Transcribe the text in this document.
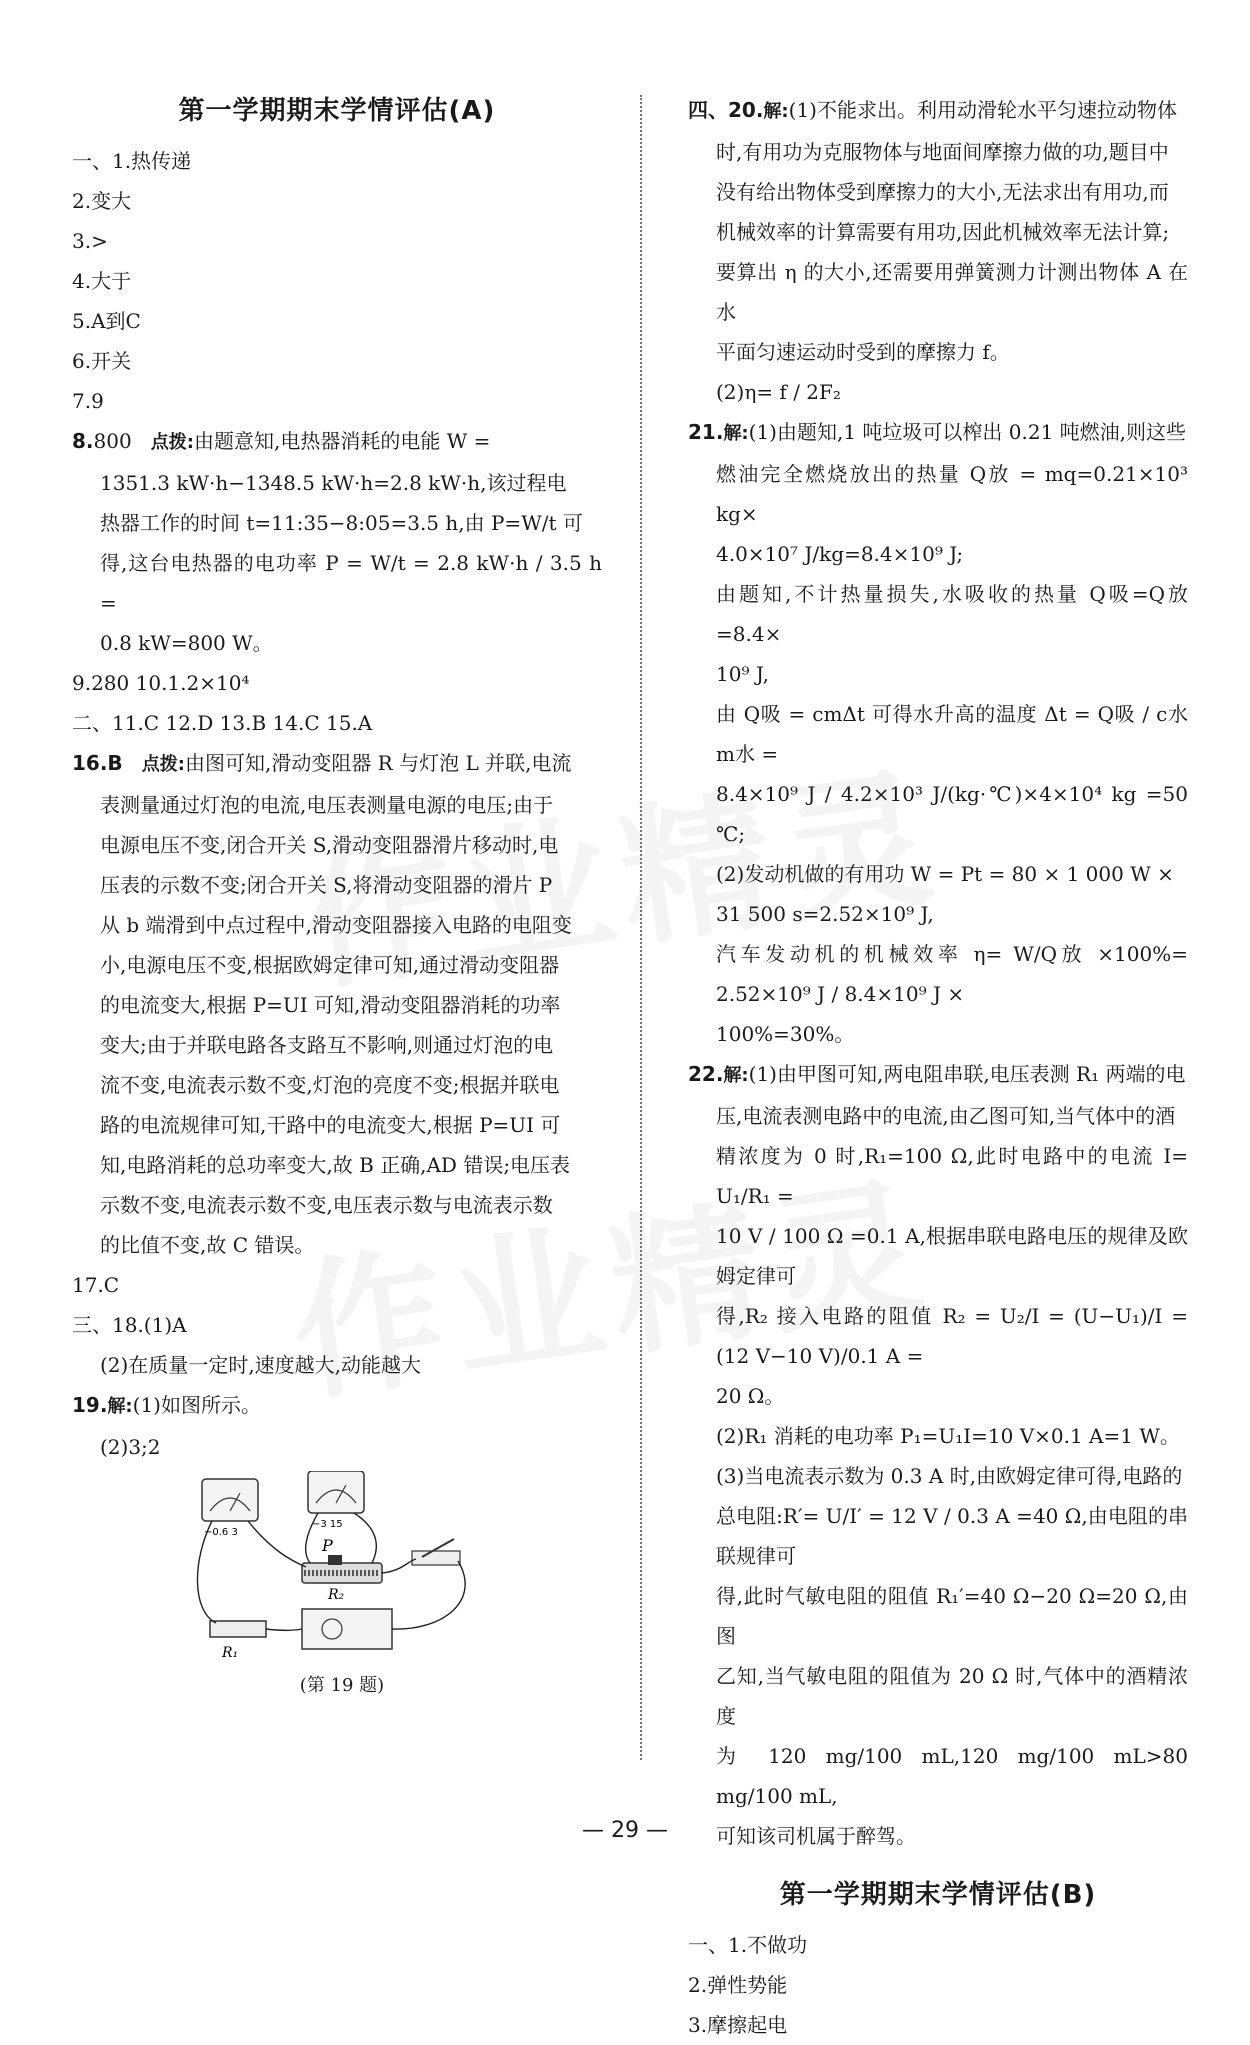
第一学期期末学情评估(A)

一、1.热传递

2.变大

3.>

4.大于

5.A到C

6.开关

7.9

8.800 点拨:由题意知,电热器消耗的电能 W =

1351.3 kW·h−1348.5 kW·h=2.8 kW·h,该过程电

热器工作的时间 t=11:35−8:05=3.5 h,由 P=W/t 可

得,这台电热器的电功率 P = W/t = 2.8 kW·h / 3.5 h =

0.8 kW=800 W。

9.280 10.1.2×10⁴

二、11.C 12.D 13.B 14.C 15.A

16.B 点拨:由图可知,滑动变阻器 R 与灯泡 L 并联,电流

表测量通过灯泡的电流,电压表测量电源的电压;由于

电源电压不变,闭合开关 S,滑动变阻器滑片移动时,电

压表的示数不变;闭合开关 S,将滑动变阻器的滑片 P

从 b 端滑到中点过程中,滑动变阻器接入电路的电阻变

小,电源电压不变,根据欧姆定律可知,通过滑动变阻器

的电流变大,根据 P=UI 可知,滑动变阻器消耗的功率

变大;由于并联电路各支路互不影响,则通过灯泡的电

流不变,电流表示数不变,灯泡的亮度不变;根据并联电

路的电流规律可知,干路中的电流变大,根据 P=UI 可

知,电路消耗的总功率变大,故 B 正确,AD 错误;电压表

示数不变,电流表示数不变,电压表示数与电流表示数

的比值不变,故 C 错误。

17.C

三、18.(1)A

(2)在质量一定时,速度越大,动能越大

19.解:(1)如图所示。

(2)3;2

−0.6 3
−3 15
P
R₂
R₁
(第 19 题)

四、20.解:(1)不能求出。利用动滑轮水平匀速拉动物体

时,有用功为克服物体与地面间摩擦力做的功,题目中

没有给出物体受到摩擦力的大小,无法求出有用功,而

机械效率的计算需要有用功,因此机械效率无法计算;

要算出 η 的大小,还需要用弹簧测力计测出物体 A 在水

平面匀速运动时受到的摩擦力 f。

(2)η= f / 2F₂

21.解:(1)由题知,1 吨垃圾可以榨出 0.21 吨燃油,则这些

燃油完全燃烧放出的热量 Q放 = mq=0.21×10³ kg×

4.0×10⁷ J/kg=8.4×10⁹ J;

由题知,不计热量损失,水吸收的热量 Q吸=Q放=8.4×

10⁹ J,

由 Q吸 = cmΔt 可得水升高的温度 Δt = Q吸 / c水 m水 =

8.4×10⁹ J / 4.2×10³ J/(kg·℃)×4×10⁴ kg =50 ℃;

(2)发动机做的有用功 W = Pt = 80 × 1 000 W ×

31 500 s=2.52×10⁹ J,

汽车发动机的机械效率 η= W/Q放 ×100%= 2.52×10⁹ J / 8.4×10⁹ J ×

100%=30%。

22.解:(1)由甲图可知,两电阻串联,电压表测 R₁ 两端的电

压,电流表测电路中的电流,由乙图可知,当气体中的酒

精浓度为 0 时,R₁=100 Ω,此时电路中的电流 I= U₁/R₁ =

10 V / 100 Ω =0.1 A,根据串联电路电压的规律及欧姆定律可

得,R₂ 接入电路的阻值 R₂ = U₂/I = (U−U₁)/I = (12 V−10 V)/0.1 A =

20 Ω。

(2)R₁ 消耗的电功率 P₁=U₁I=10 V×0.1 A=1 W。

(3)当电流表示数为 0.3 A 时,由欧姆定律可得,电路的

总电阻:R′= U/I′ = 12 V / 0.3 A =40 Ω,由电阻的串联规律可

得,此时气敏电阻的阻值 R₁′=40 Ω−20 Ω=20 Ω,由图

乙知,当气敏电阻的阻值为 20 Ω 时,气体中的酒精浓度

为 120 mg/100 mL,120 mg/100 mL>80 mg/100 mL,

可知该司机属于醉驾。

第一学期期末学情评估(B)

一、1.不做功

2.弹性势能

3.摩擦起电

— 29 —
